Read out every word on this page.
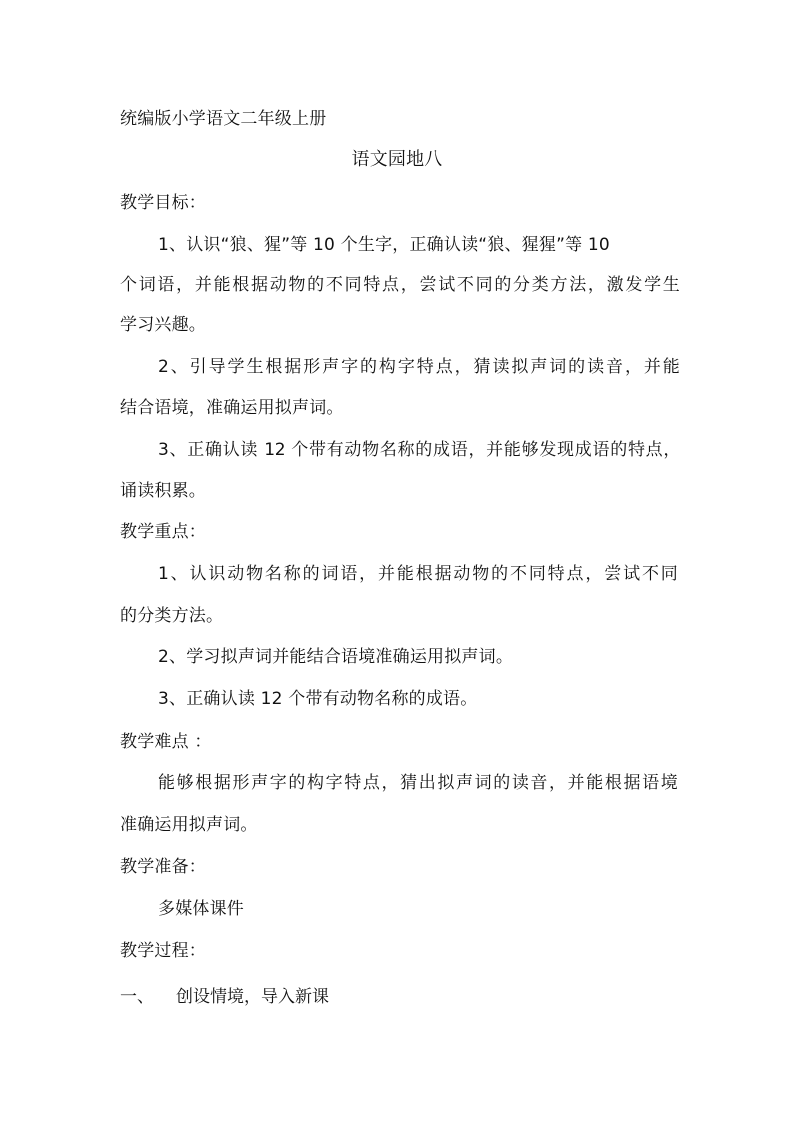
统编版小学语文二年级上册
语文园地八
教学目标：
1、认识“狼、猩”等 10 个生字，正确认读“狼、猩猩”等 10
个词语，并能根据动物的不同特点，尝试不同的分类方法，激发学生
学习兴趣。
2、引导学生根据形声字的构字特点，猜读拟声词的读音，并能
结合语境，准确运用拟声词。
3、正确认读 12 个带有动物名称的成语，并能够发现成语的特点，
诵读积累。
教学重点：
1、认识动物名称的词语，并能根据动物的不同特点，尝试不同
的分类方法。
2、学习拟声词并能结合语境准确运用拟声词。
3、正确认读 12 个带有动物名称的成语。
教学难点 ：
能够根据形声字的构字特点，猜出拟声词的读音，并能根据语境
准确运用拟声词。
教学准备：
多媒体课件
教学过程：
一、 创设情境，导入新课
